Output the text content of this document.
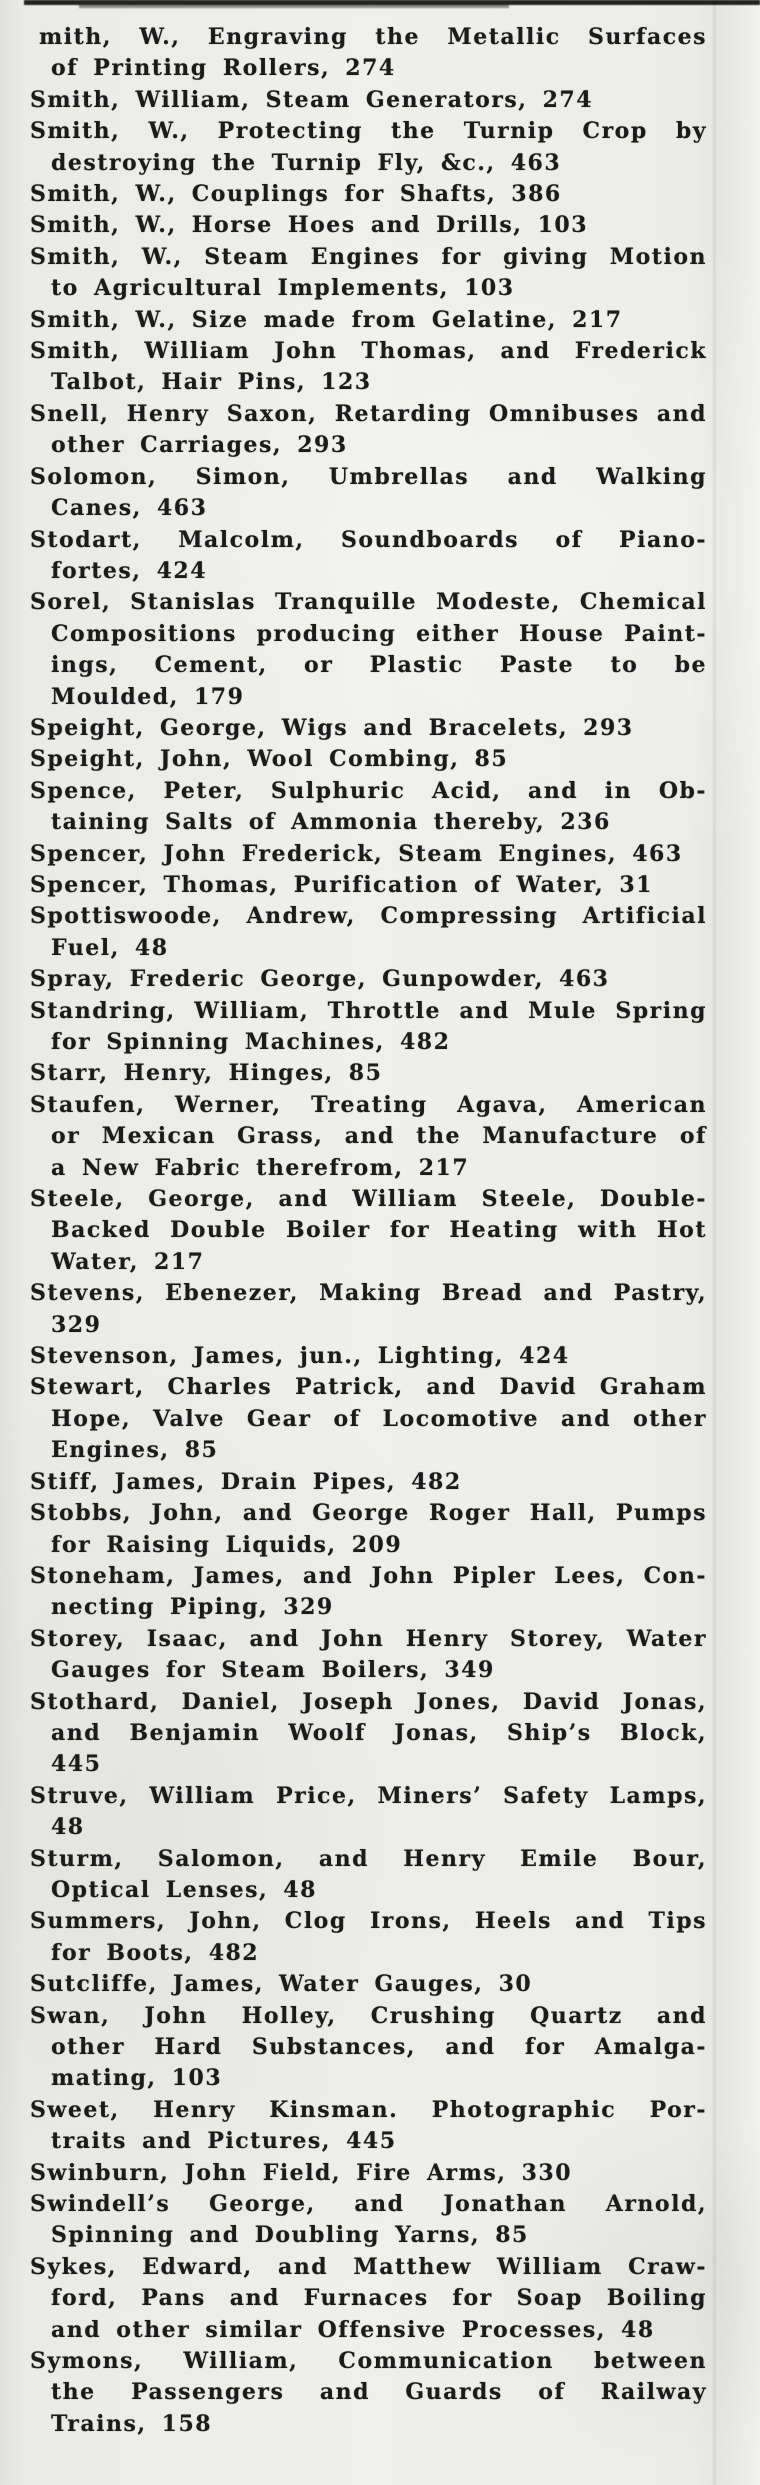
mith, W., Engraving the Metallic Surfaces
of Printing Rollers, 274
Smith, William, Steam Generators, 274
Smith, W., Protecting the Turnip Crop by
destroying the Turnip Fly, &c., 463
Smith, W., Couplings for Shafts, 386
Smith, W., Horse Hoes and Drills, 103
Smith, W., Steam Engines for giving Motion
to Agricultural Implements, 103
Smith, W., Size made from Gelatine, 217
Smith, William John Thomas, and Frederick
Talbot, Hair Pins, 123
Snell, Henry Saxon, Retarding Omnibuses and
other Carriages, 293
Solomon, Simon, Umbrellas and Walking
Canes, 463
Stodart, Malcolm, Soundboards of Piano-
fortes, 424
Sorel, Stanislas Tranquille Modeste, Chemical
Compositions producing either House Paint-
ings, Cement, or Plastic Paste to be
Moulded, 179
Speight, George, Wigs and Bracelets, 293
Speight, John, Wool Combing, 85
Spence, Peter, Sulphuric Acid, and in Ob-
taining Salts of Ammonia thereby, 236
Spencer, John Frederick, Steam Engines, 463
Spencer, Thomas, Purification of Water, 31
Spottiswoode, Andrew, Compressing Artificial
Fuel, 48
Spray, Frederic George, Gunpowder, 463
Standring, William, Throttle and Mule Spring
for Spinning Machines, 482
Starr, Henry, Hinges, 85
Staufen, Werner, Treating Agava, American
or Mexican Grass, and the Manufacture of
a New Fabric therefrom, 217
Steele, George, and William Steele, Double-
Backed Double Boiler for Heating with Hot
Water, 217
Stevens, Ebenezer, Making Bread and Pastry,
329
Stevenson, James, jun., Lighting, 424
Stewart, Charles Patrick, and David Graham
Hope, Valve Gear of Locomotive and other
Engines, 85
Stiff, James, Drain Pipes, 482
Stobbs, John, and George Roger Hall, Pumps
for Raising Liquids, 209
Stoneham, James, and John Pipler Lees, Con-
necting Piping, 329
Storey, Isaac, and John Henry Storey, Water
Gauges for Steam Boilers, 349
Stothard, Daniel, Joseph Jones, David Jonas,
and Benjamin Woolf Jonas, Ship’s Block,
445
Struve, William Price, Miners’ Safety Lamps,
48
Sturm, Salomon, and Henry Emile Bour,
Optical Lenses, 48
Summers, John, Clog Irons, Heels and Tips
for Boots, 482
Sutcliffe, James, Water Gauges, 30
Swan, John Holley, Crushing Quartz and
other Hard Substances, and for Amalga-
mating, 103
Sweet, Henry Kinsman. Photographic Por-
traits and Pictures, 445
Swinburn, John Field, Fire Arms, 330
Swindell’s George, and Jonathan Arnold,
Spinning and Doubling Yarns, 85
Sykes, Edward, and Matthew William Craw-
ford, Pans and Furnaces for Soap Boiling
and other similar Offensive Processes, 48
Symons, William, Communication between
the Passengers and Guards of Railway
Trains, 158
